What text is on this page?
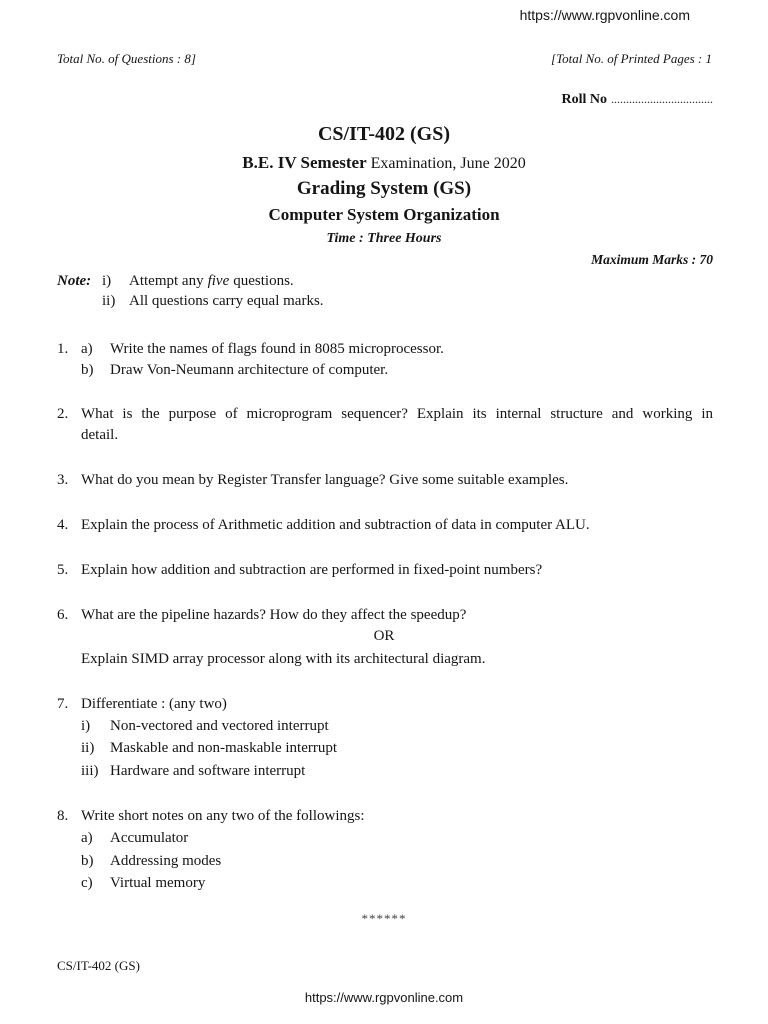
https://www.rgpvonline.com
Total No. of Questions : 8]	[Total No. of Printed Pages : 1
Roll No ..................................
CS/IT-402 (GS)
B.E. IV Semester Examination, June 2020
Grading System (GS)
Computer System Organization
Time : Three Hours
Maximum Marks : 70
Note: i) Attempt any five questions.
ii) All questions carry equal marks.
1. a) Write the names of flags found in 8085 microprocessor.
b) Draw Von-Neumann architecture of computer.
2. What is the purpose of microprogram sequencer? Explain its internal structure and working in
detail.
3. What do you mean by Register Transfer language? Give some suitable examples.
4. Explain the process of Arithmetic addition and subtraction of data in computer ALU.
5. Explain how addition and subtraction are performed in fixed-point numbers?
6. What are the pipeline hazards? How do they affect the speedup?
OR
Explain SIMD array processor along with its architectural diagram.
7. Differentiate : (any two)
i) Non-vectored and vectored interrupt
ii) Maskable and non-maskable interrupt
iii) Hardware and software interrupt
8. Write short notes on any two of the followings:
a) Accumulator
b) Addressing modes
c) Virtual memory
******
CS/IT-402 (GS)
https://www.rgpvonline.com
